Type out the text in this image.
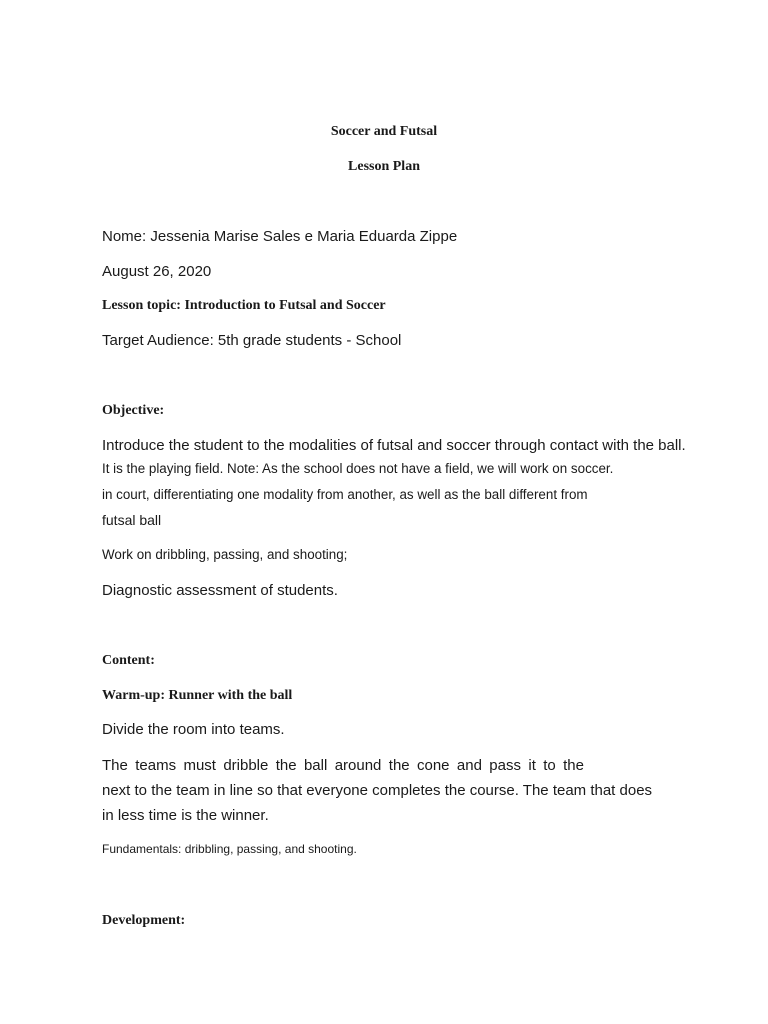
Soccer and Futsal

Lesson Plan

Nome: Jessenia Marise Sales e Maria Eduarda Zippe

August 26, 2020

Lesson topic: Introduction to Futsal and Soccer

Target Audience: 5th grade students - School

Objective:

Introduce the student to the modalities of futsal and soccer through contact with the ball.

It is the playing field. Note: As the school does not have a field, we will work on soccer.

in court, differentiating one modality from another, as well as the ball different from

futsal ball

Work on dribbling, passing, and shooting;

Diagnostic assessment of students.

Content:

Warm-up: Runner with the ball

Divide the room into teams.

The teams must dribble the ball around the cone and pass it to the

next to the team in line so that everyone completes the course. The team that does

in less time is the winner.

Fundamentals: dribbling, passing, and shooting.

Development:
